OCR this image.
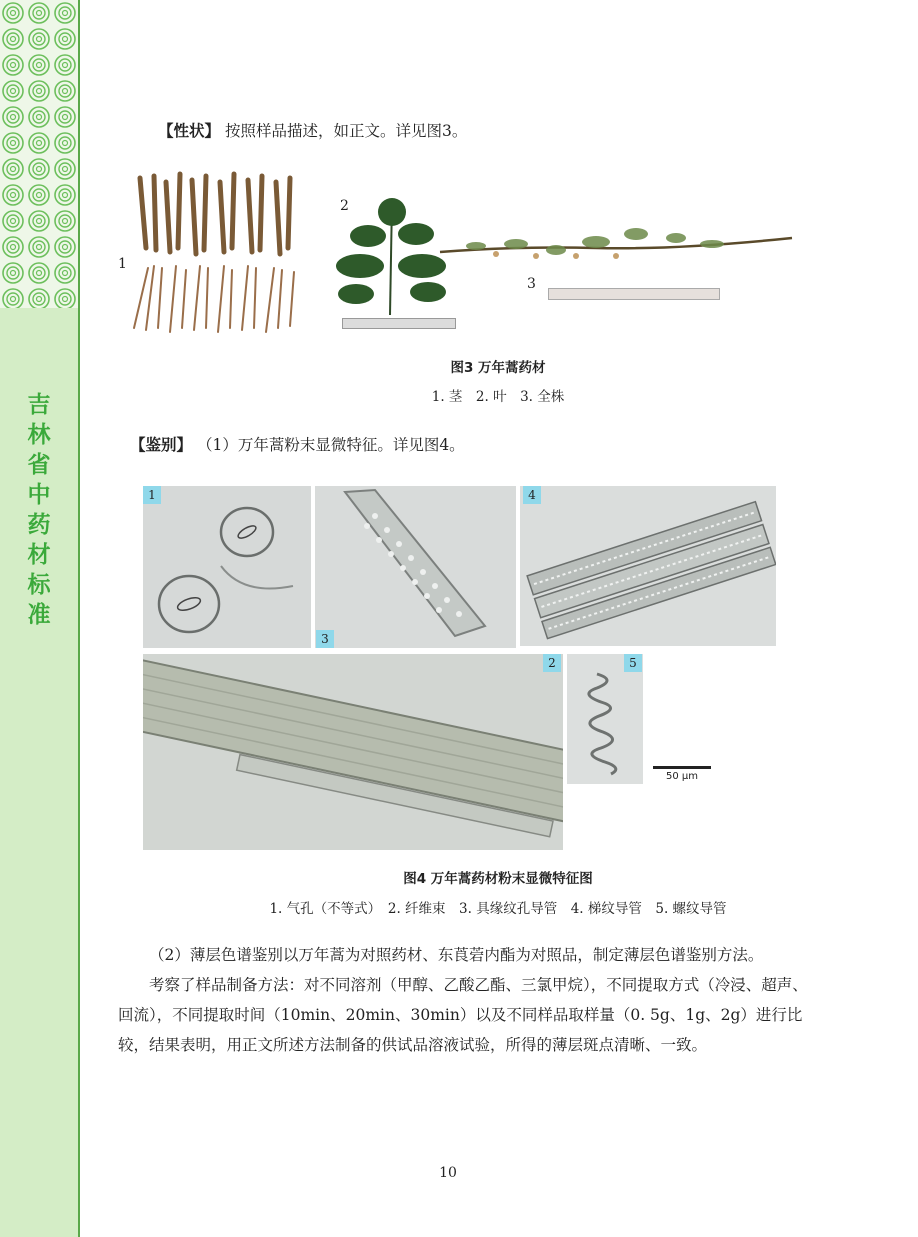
吉
林
省
中
药
材
标
准

【性状】 按照样品描述，如正文。详见图3。

1
2
3
图3 万年蒿药材
1. 茎　2. 叶　3. 全株

【鉴别】 （1）万年蒿粉末显微特征。详见图4。

1
3
4
2	5
50 μm
图4 万年蒿药材粉末显微特征图
1. 气孔（不等式）　2. 纤维束　3. 具缘纹孔导管　4. 梯纹导管　5. 螺纹导管

（2）薄层色谱鉴别以万年蒿为对照药材、东莨菪内酯为对照品，制定薄层色谱鉴别方法。

考察了样品制备方法：对不同溶剂（甲醇、乙酸乙酯、三氯甲烷），不同提取方式（冷浸、超声、回流），不同提取时间（10min、20min、30min）以及不同样品取样量（0. 5g、1g、2g）进行比较，结果表明，用正文所述方法制备的供试品溶液试验，所得的薄层斑点清晰、一致。

10
